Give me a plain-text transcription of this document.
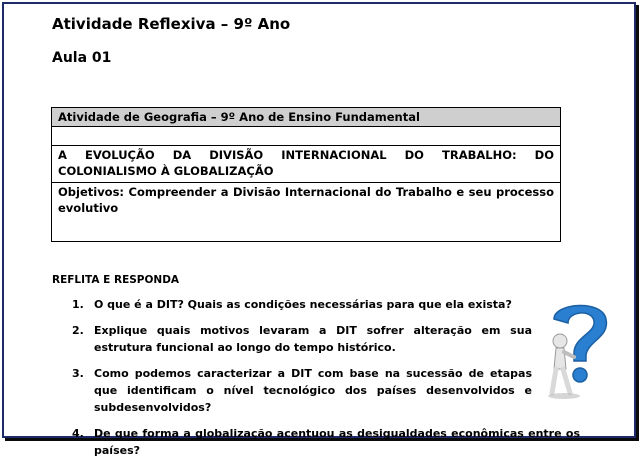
Atividade Reflexiva – 9º Ano
Aula 01
Atividade de Geografia – 9º Ano de Ensino Fundamental
A EVOLUÇÃO DA DIVISÃO INTERNACIONAL DO TRABALHO: DO COLONIALISMO À GLOBALIZAÇÃO
Objetivos: Compreender a Divisão Internacional do Trabalho e seu processo evolutivo
REFLITA E RESPONDA
1. O que é a DIT? Quais as condições necessárias para que ela exista?
2. Explique quais motivos levaram a DIT sofrer alteração em sua estrutura funcional ao longo do tempo histórico.
3. Como podemos caracterizar a DIT com base na sucessão de etapas que identificam o nível tecnológico dos países desenvolvidos e subdesenvolvidos?
4. De que forma a globalização acentuou as desigualdades econômicas entre os países?
